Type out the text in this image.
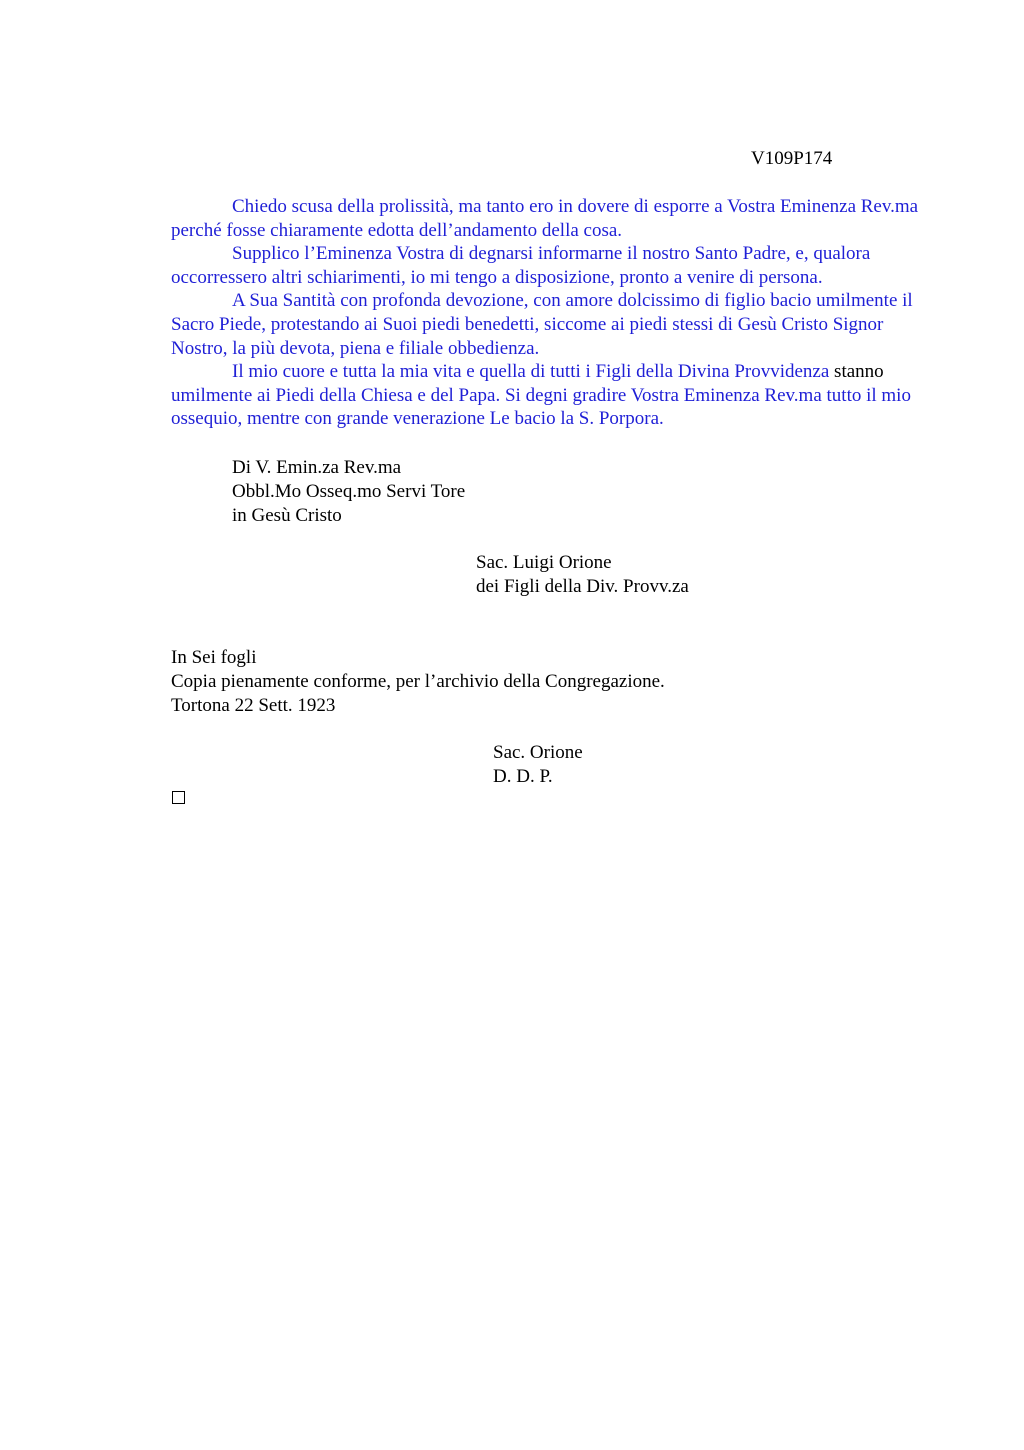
V109P174

Chiedo scusa della prolissità, ma tanto ero in dovere di esporre a Vostra Eminenza Rev.ma perché fosse chiaramente edotta dell’andamento della cosa.

Supplico l’Eminenza Vostra di degnarsi informarne il nostro Santo Padre, e, qualora occorressero altri schiarimenti, io mi tengo a disposizione, pronto a venire di persona.

A Sua Santità con profonda devozione, con amore dolcissimo di figlio bacio umilmente il Sacro Piede, protestando ai Suoi piedi benedetti, siccome ai piedi stessi di Gesù Cristo Signor Nostro, la più devota, piena e filiale obbedienza.

Il mio cuore e tutta la mia vita e quella di tutti i Figli della Divina Provvidenza stanno umilmente ai Piedi della Chiesa e del Papa. Si degni gradire Vostra Eminenza Rev.ma tutto il mio ossequio, mentre con grande venerazione Le bacio la S. Porpora.

Di V. Emin.za Rev.ma
Obbl.Mo Osseq.mo Servi Tore
in Gesù Cristo
Sac. Luigi Orione
dei Figli della Div. Provv.za
In Sei fogli
Copia pienamente conforme, per l’archivio della Congregazione.
Tortona 22 Sett. 1923
Sac. Orione
D. D. P.
